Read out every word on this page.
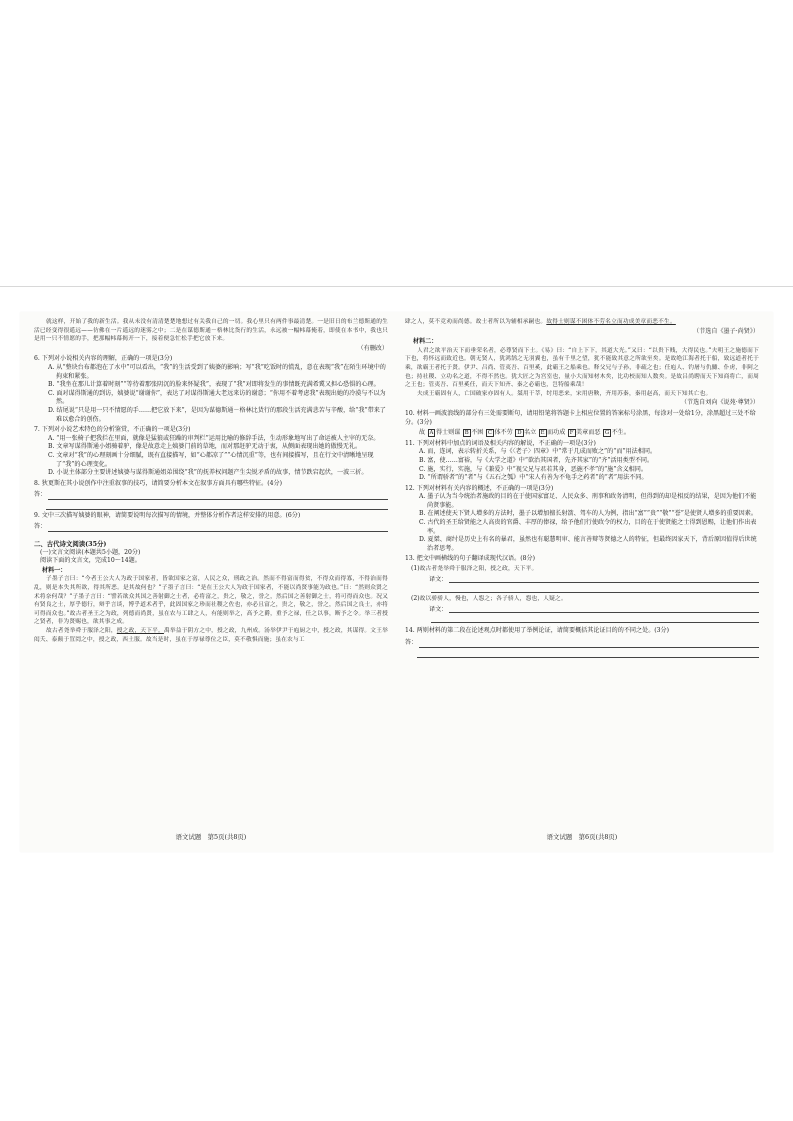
就这样，开始了我的新生活。我从未没有清清楚楚地想过有关我自己的一切。我心里只有两件事最清楚。一是旧日的布兰德斯通的生活已经变得很遥远——彷佛在一片遥远的迷雾之中；二是在谋德斯通－格林比货行的生活，永远被一幅帏幕掩着，即使在本书中，我也只是用一只不情愿的手，把那幅帏幕揭开一下，接着便急忙松手把它放下来。

（有删改）

6. 下列对小说相关内容的理解，正确的一项是(3分)

A. 从“整块台布都泡在了水中”可以看出，“我”的生活受到了姨婆的影响；写“我”吃饭时的慌乱，意在表现“我”在陌生环境中的拘束和紧张。

B. “我坐在那儿计算着时刻”“等待着那张阴沉的脸来怀疑我”，表现了“我”对即将发生的事情既充满希冀又担心恐惧的心理。

C. 面对谋得斯通的到访，姨婆说“谢谢你”，表达了对谋得斯通大老远来访的谢意；“你用不着考虑我”表现出她的冷漠与不以为然。

D. 结尾说“只是用一只不情愿的手……把它放下来”，是因为谋德斯通－格林比货行的那段生活充满悲苦与辛酸，给“我”带来了难以愈合的创伤。

7. 下列对小说艺术特色的分析鉴赏，不正确的一项是(3分)

A. “用一张椅子把我拦在里面，就像是猛狼或狂躁的审判栏”运用比喻的修辞手法，生动形象地写出了命运被人主宰的无奈。

B. 文章写谋得斯通小姐骑着驴，像是故意走上姨婆门前的草地，而对那赶驴无动于衷，从侧面表现出她的傲慢无礼。

C. 文章对“我”的心理刻画十分细腻，既有直接描写，如“心都凉了”“心情沉重”等，也有间接描写，且在行文中清晰地呈现了“我”的心理变化。

D. 小说主体部分主要讲述姨婆与谋得斯通姐弟围绕“我”的抚养权问题产生尖锐矛盾的故事，情节跌宕起伏，一波三折。

8. 狄更斯在其小说创作中注重叙事的技巧，请简要分析本文在叙事方面具有哪些特征。(4分)

答：

9. 文中三次描写姨婆的眼神，请简要说明每次描写的情境，并整体分析作者这样安排的用意。(6分)

答：

二、古代诗文阅读(35分)

(一)文言文阅读(本题共5小题，20分)

阅读下面的文言文，完成10～14题。

材料一：

子墨子言曰：“今者王公大人为政于国家者，皆欲国家之富，人民之众，刑政之治。然而不得富而得贫，不得众而得寡，不得治而得乱，则是本失其所欲，得其所恶。是其故何也？”子墨子言曰：“是在王公大人为政于国家者，不能以尚贤事能为政也。”曰：“然则众贤之术将奈何哉？”子墨子言曰：“譬若欲众其国之善射御之士者，必将富之，贵之，敬之，誉之，然后国之善射御之士，将可得而众也。况又有贤良之士，厚乎德行，辩乎言谈，博乎道术者乎，此固国家之珍而社稷之佐也，亦必且富之，贵之，敬之，誉之，然后国之良士，亦将可得而众也。”故古者圣王之为政，列德而尚贤，虽在农与工肆之人，有能则举之，高予之爵，重予之禄，任之以事，断予之令。举三者授之贤者，非为贤赐也，欲其事之成。

故古者尧举舜于服泽之阳，授之政，天下平。禹举益于阴方之中，授之政，九州成。汤举伊尹于庖厨之中，授之政，其谋得。文王举闳夭、泰颠于罝罔之中，授之政，西土服。故当是时，虽在于厚禄尊位之臣，莫不敬惧而施；虽在农与工

语文试题　第5页(共8页)

肆之人，莫不竞劝而尚德。故士者所以为辅相承嗣也。故得士则谋不困体不劳名立而功成美章而恶不生。

（节选自《墨子·尚贤》）

材料二：

人君之欲平治天下而垂荣名者，必尊贤而下士。《易》曰：“自上下下，其道大光。”又曰：“以贵下贱，大得民也。”夫明王之施德而下下也，将怀远而致近也。朝无贤人，犹鸿鹄之无羽翼也，虽有千里之望，犹不能致其意之所欲至矣。是故绝江海者托于船，致远道者托于乘，欲霸王者托于贤。伊尹、吕尚、管夷吾、百里奚，此霸王之船乘也。释父兄与子孙，非疏之也；任庖人、钓屠与仇雠、仆虏，非阿之也；持社稷、立功名之道，不得不然也。犹大匠之为宫室也，量小大而知材木矣，比功校而知人数矣。是故吕尚聘而天下知商将亡，而周之王也；管夷吾、百里奚任，而天下知齐、秦之必霸也，岂特船乘哉！

夫成王霸固有人，亡国破家亦固有人。桀用干莘，纣用恶来，宋用唐鞅，齐用苏秦，秦用赵高，而天下知其亡也。

（节选自刘向《说苑·尊贤》）

10. 材料一画波浪线的部分有三处需要断句，请用铅笔将答题卡上相应位置的答案标号涂黑，每涂对一处给1分，涂黑超过三处不给分。(3分)

故 A 得士则谋 B 不困 C 体不劳 D 名立 E 而功成 F 美章而恶 G 不生。

11. 下列对材料中加点的词语及相关内容的解说，不正确的一项是(3分)

A. 而，连词，表示转折关系，与《〈老子〉四章》中“常于几成而败之”的“而”用法相同。

B. 富，使……富裕，与《大学之道》中“欲治其国者，先齐其家”的“齐”活用类型不同。

C. 施，实行，实施，与《兼爱》中“视父兄与君若其身，恶施不孝”的“施”含义相同。

D. “所谓骄者”的“者”与《五石之瓠》中“宋人有善为不龟手之药者”的“者”用法不同。

12. 下列对材料有关内容的概述，不正确的一项是(3分)

A. 墨子认为当今统治者施政的目的在于使国家富足、人民众多、刑事和政务清明，但得到的却是相反的结果，是因为他们不能尚贤事能。

B. 在阐述使天下贤人增多的方法时，墨子以增加擅长射箭、驾车的人为例，指出“富”“贵”“敬”“誉”是使贤人增多的重要因素。

C. 古代的圣王给贤能之人高贵的官爵、丰厚的俸禄，给予他们行使政令的权力，目的在于使贤能之士得到恩赐，让他们作出表率。

D. 夏桀、商纣是历史上有名的暴君，虽然也有聪慧明审、能言善辩等贤德之人的特征，但最终因家天下，背后原因值得后世统治者思考。

13. 把文中画横线的句子翻译成现代汉语。(8分)

(1)故古者尧举舜于服泽之阳，授之政，天下平。

译文：

(2)故以骄骄人，慢也，人怨之；各子骄人，怨也，人疑之。

译文：

14. 两则材料的第二段在论述观点时都使用了举例论证，请简要概括其论证目的的不同之处。(3分)

答：
语文试题　第6页(共8页)
